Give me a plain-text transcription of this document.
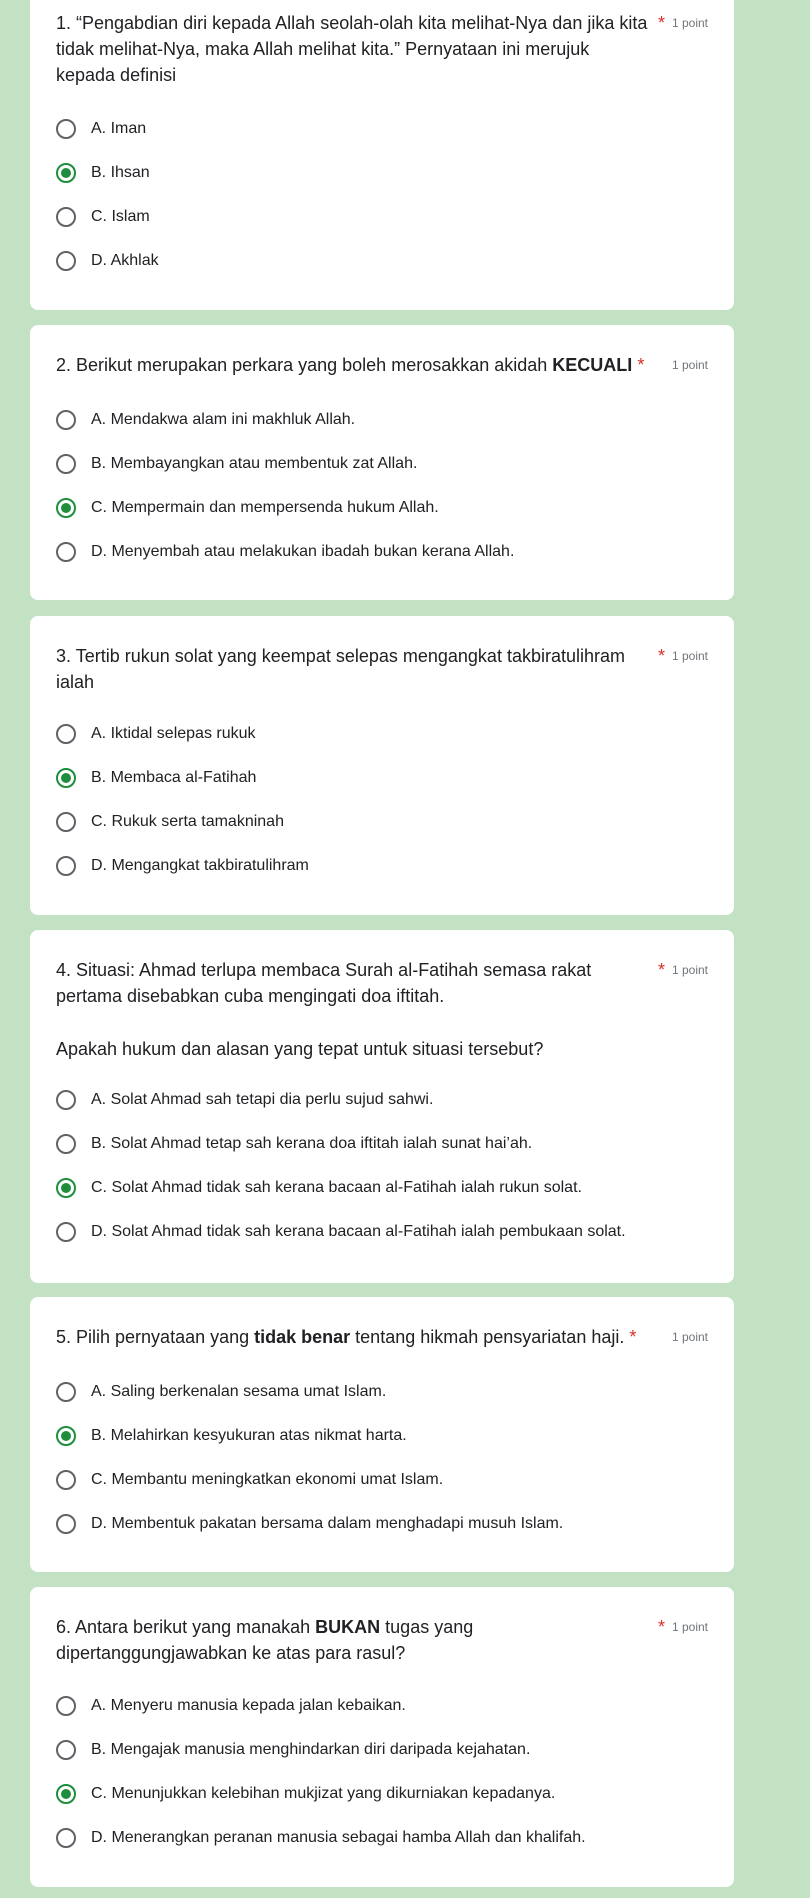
1. “Pengabdian diri kepada Allah seolah-olah kita melihat-Nya dan jika kita tidak melihat-Nya, maka Allah melihat kita.” Pernyataan ini merujuk kepada definisi
* 1 point
A. Iman
B. Ihsan
C. Islam
D. Akhlak
2. Berikut merupakan perkara yang boleh merosakkan akidah KECUALI * 1 point
A. Mendakwa alam ini makhluk Allah.
B. Membayangkan atau membentuk zat Allah.
C. Mempermain dan mempersenda hukum Allah.
D. Menyembah atau melakukan ibadah bukan kerana Allah.
3. Tertib rukun solat yang keempat selepas mengangkat takbiratulihram ialah
* 1 point
A. Iktidal selepas rukuk
B. Membaca al-Fatihah
C. Rukuk serta tamakninah
D. Mengangkat takbiratulihram
4. Situasi: Ahmad terlupa membaca Surah al-Fatihah semasa rakat pertama disebabkan cuba mengingati doa iftitah.
* 1 point
Apakah hukum dan alasan yang tepat untuk situasi tersebut?
A. Solat Ahmad sah tetapi dia perlu sujud sahwi.
B. Solat Ahmad tetap sah kerana doa iftitah ialah sunat hai’ah.
C. Solat Ahmad tidak sah kerana bacaan al-Fatihah ialah rukun solat.
D. Solat Ahmad tidak sah kerana bacaan al-Fatihah ialah pembukaan solat.
5. Pilih pernyataan yang tidak benar tentang hikmah pensyariatan haji. *	1 point
A. Saling berkenalan sesama umat Islam.
B. Melahirkan kesyukuran atas nikmat harta.
C. Membantu meningkatkan ekonomi umat Islam.
D. Membentuk pakatan bersama dalam menghadapi musuh Islam.
6. Antara berikut yang manakah BUKAN tugas yang dipertanggungjawabkan ke atas para rasul?
* 1 point
A. Menyeru manusia kepada jalan kebaikan.
B. Mengajak manusia menghindarkan diri daripada kejahatan.
C. Menunjukkan kelebihan mukjizat yang dikurniakan kepadanya.
D. Menerangkan peranan manusia sebagai hamba Allah dan khalifah.
